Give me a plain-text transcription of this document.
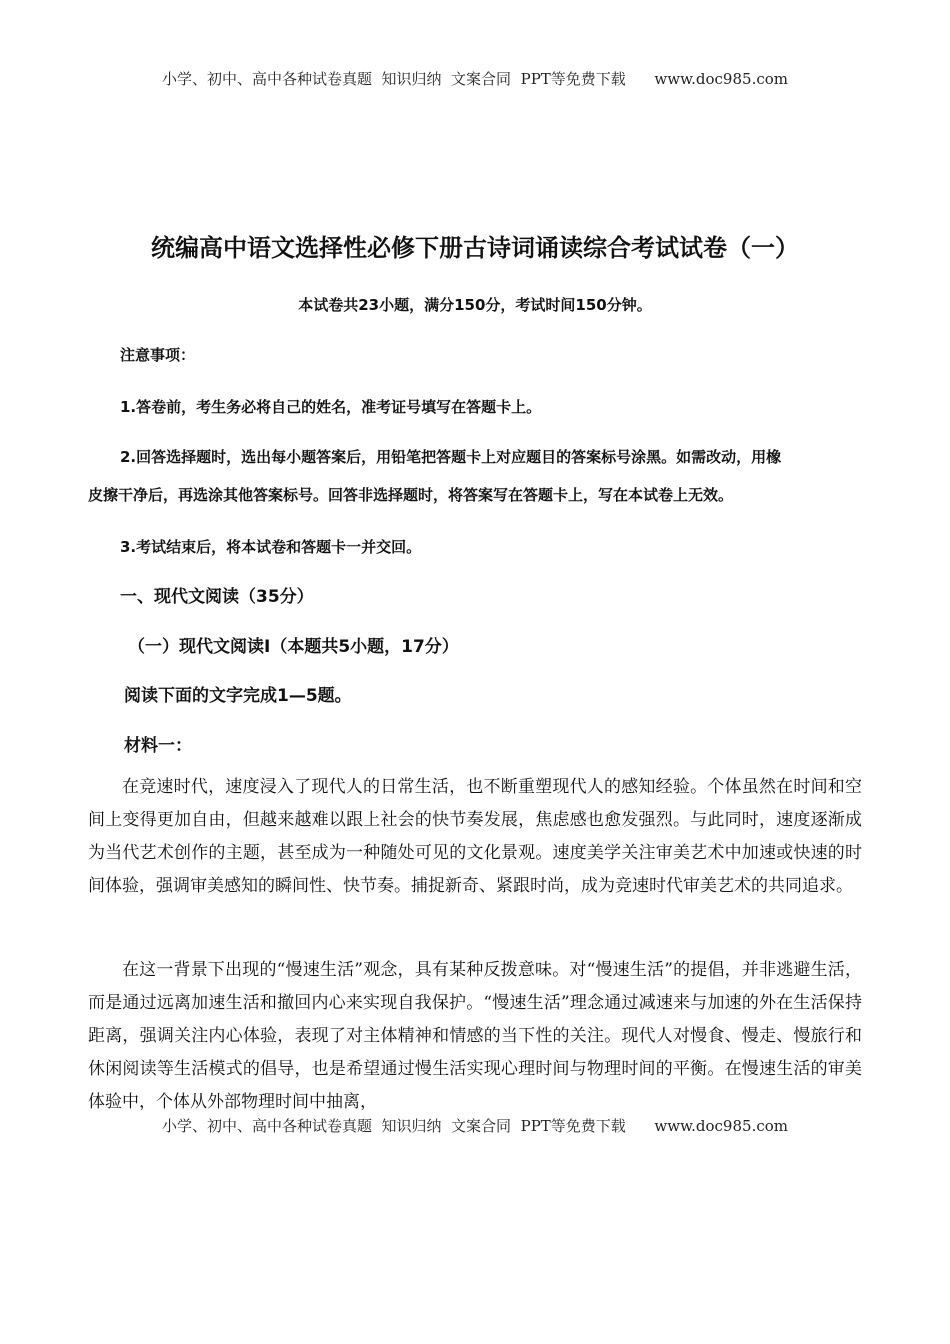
小学、初中、高中各种试卷真题  知识归纳  文案合同  PPT等免费下载      www.doc985.com
统编高中语文选择性必修下册古诗词诵读综合考试试卷（一）
本试卷共23小题，满分150分，考试时间150分钟。
注意事项：
1.答卷前，考生务必将自己的姓名，准考证号填写在答题卡上。
2.回答选择题时，选出每小题答案后，用铅笔把答题卡上对应题目的答案标号涂黑。如需改动，用橡
皮擦干净后，再选涂其他答案标号。回答非选择题时，将答案写在答题卡上，写在本试卷上无效。
3.考试结束后，将本试卷和答题卡一并交回。
一、现代文阅读（35分）
（一）现代文阅读Ⅰ（本题共5小题，17分）
阅读下面的文字完成1—5题。
材料一：
在竞速时代，速度浸入了现代人的日常生活，也不断重塑现代人的感知经验。个体虽然在时间和空间上变得更加自由，但越来越难以跟上社会的快节奏发展，焦虑感也愈发强烈。与此同时，速度逐渐成为当代艺术创作的主题，甚至成为一种随处可见的文化景观。速度美学关注审美艺术中加速或快速的时间体验，强调审美感知的瞬间性、快节奏。捕捉新奇、紧跟时尚，成为竞速时代审美艺术的共同追求。
在这一背景下出现的“慢速生活”观念，具有某种反拨意味。对“慢速生活”的提倡，并非逃避生活，而是通过远离加速生活和撤回内心来实现自我保护。“慢速生活”理念通过减速来与加速的外在生活保持距离，强调关注内心体验，表现了对主体精神和情感的当下性的关注。现代人对慢食、慢走、慢旅行和休闲阅读等生活模式的倡导，也是希望通过慢生活实现心理时间与物理时间的平衡。在慢速生活的审美体验中，个体从外部物理时间中抽离，
小学、初中、高中各种试卷真题  知识归纳  文案合同  PPT等免费下载      www.doc985.com
